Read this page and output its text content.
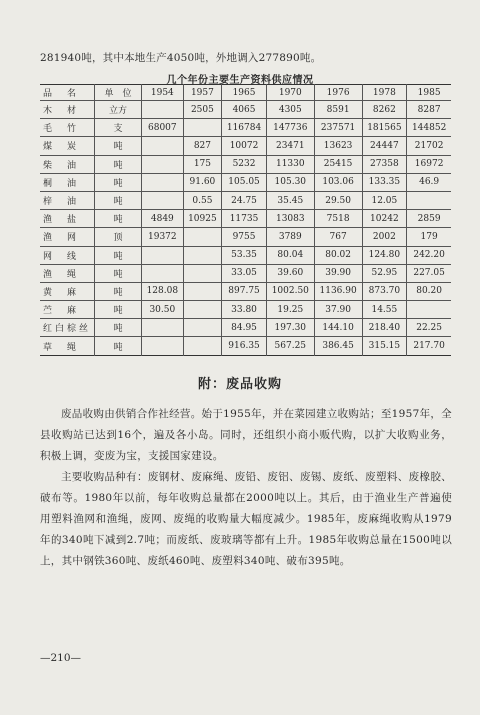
281940吨，其中本地生产4050吨，外地调入277890吨。
几个年份主要生产资料供应情况
品　名	单　位	1954	1957	1965	1970	1976	1978	1985
木　材	立方		2505	4065	4305	8591	8262	8287
毛　竹	支	68007		116784	147736	237571	181565	144852
煤　炭	吨		827	10072	23471	13623	24447	21702
柴　油	吨		175	5232	11330	25415	27358	16972
桐　油	吨		91.60	105.05	105.30	103.06	133.35	46.9
梓　油	吨		0.55	24.75	35.45	29.50	12.05	
渔　盐	吨	4849	10925	11735	13083	7518	10242	2859
渔　网	顶	19372		9755	3789	767	2002	179
网　线	吨			53.35	80.04	80.02	124.80	242.20
渔　绳	吨			33.05	39.60	39.90	52.95	227.05
黄　麻	吨	128.08		897.75	1002.50	1136.90	873.70	80.20
苎　麻	吨	30.50		33.80	19.25	37.90	14.55	
红白棕丝	吨			84.95	197.30	144.10	218.40	22.25
草　绳	吨			916.35	567.25	386.45	315.15	217.70
附：废品收购

废品收购由供销合作社经营。始于1955年，并在菜园建立收购站；至1957年，全县收购站已达到16个，遍及各小岛。同时，还组织小商小贩代购，以扩大收购业务，积极上调，变废为宝，支援国家建设。

主要收购品种有：废钢材、废麻绳、废铅、废铝、废锡、废纸、废塑料、废橡胶、破布等。1980年以前，每年收购总量都在2000吨以上。其后，由于渔业生产普遍使用塑料渔网和渔绳，废网、废绳的收购量大幅度减少。1985年，废麻绳收购从1979年的340吨下减到2.7吨；而废纸、废玻璃等都有上升。1985年收购总量在1500吨以上，其中钢铁360吨、废纸460吨、废塑料340吨、破布395吨。

—210—
